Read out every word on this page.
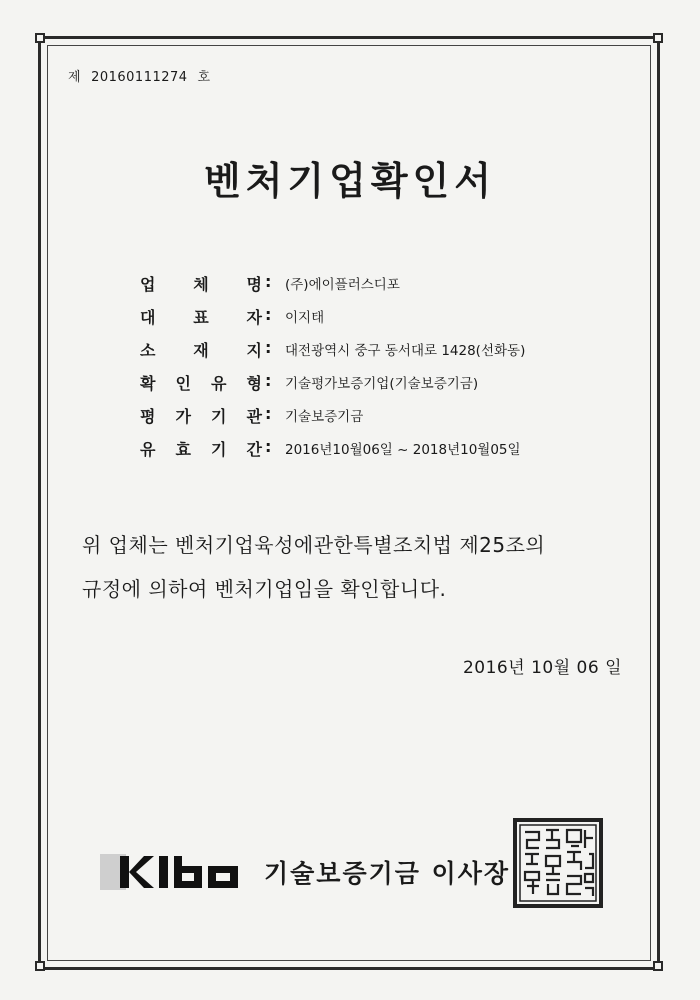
제 20160111274 호
벤처기업확인서
업 체 명 : (주)에이플러스디포
대 표 자 : 이지태
소 재 지 : 대전광역시 중구 동서대로 1428(선화동)
확 인 유 형 : 기술평가보증기업(기술보증기금)
평 가 기 관 : 기술보증기금
유 효 기 간 : 2016년10월06일 ~ 2018년10월05일
위 업체는 벤처기업육성에관한특별조치법 제25조의
규정에 의하여 벤처기업임을 확인합니다.
2016년 10월 06 일
기술보증기금 이사장
